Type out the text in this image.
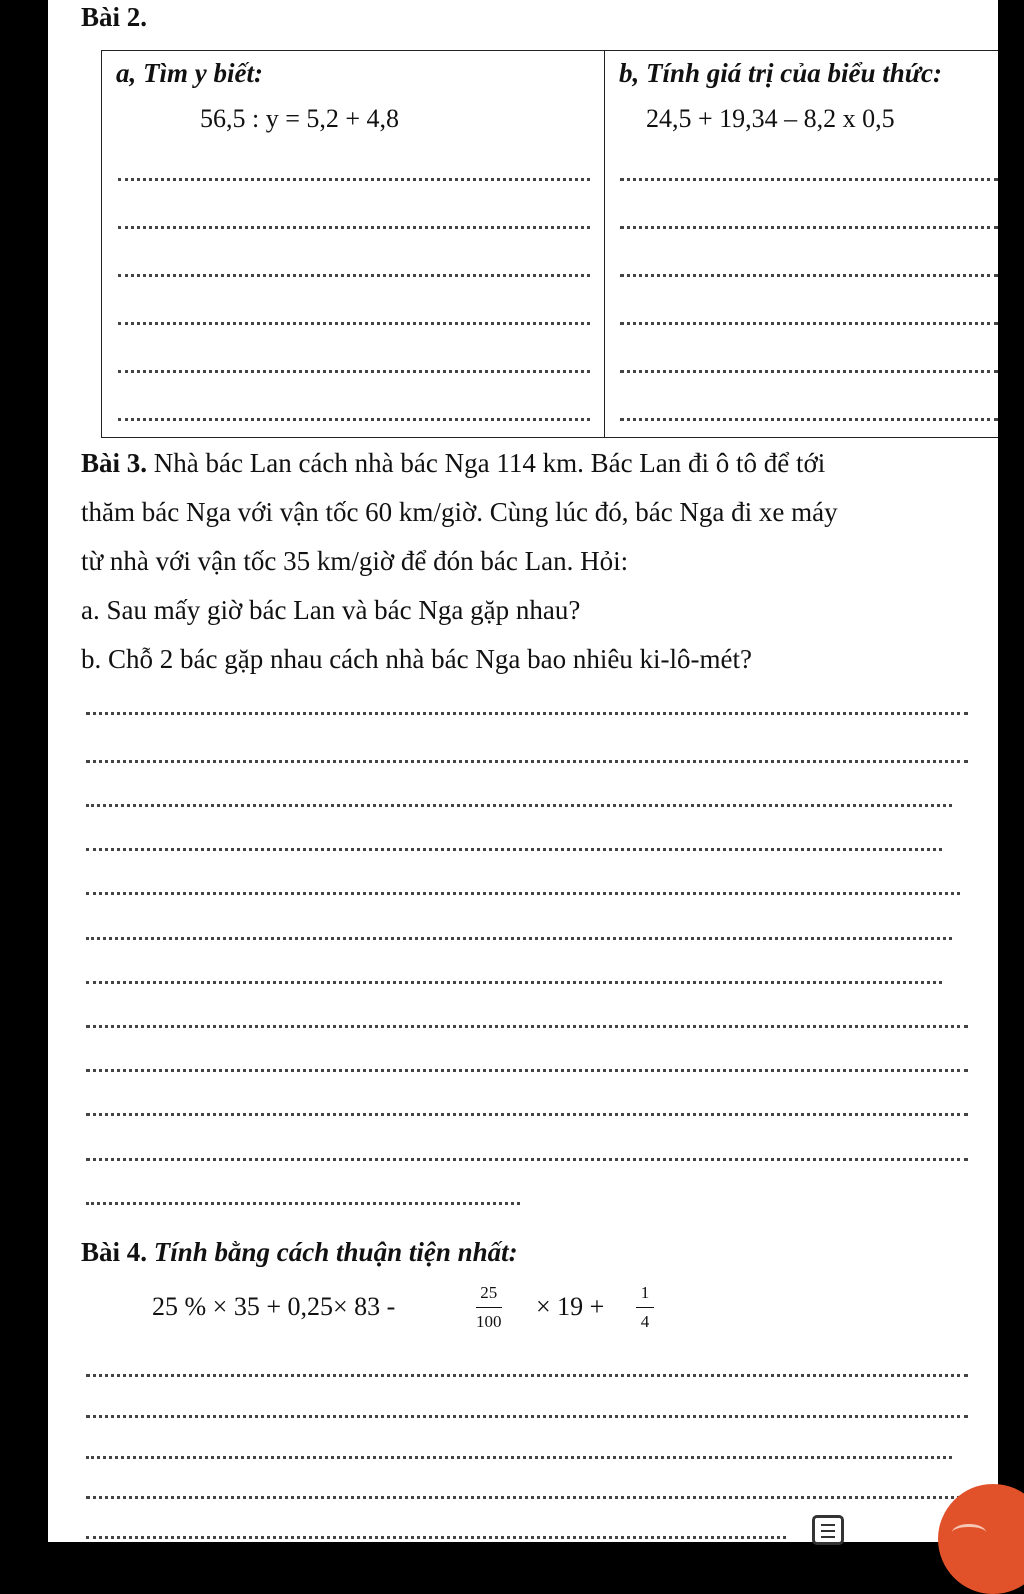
Bài 2.
a, Tìm y biết:
56,5 : y = 5,2 + 4,8
b, Tính giá trị của biểu thức:
24,5 + 19,34 – 8,2 x 0,5
Bài 3. Nhà bác Lan cách nhà bác Nga 114 km. Bác Lan đi ô tô để tới
thăm bác Nga với vận tốc 60 km/giờ. Cùng lúc đó, bác Nga đi xe máy
từ nhà với vận tốc 35 km/giờ để đón bác Lan. Hỏi:
a. Sau mấy giờ bác Lan và bác Nga gặp nhau?
b. Chỗ 2 bác gặp nhau cách nhà bác Nga bao nhiêu ki-lô-mét?
Bài 4. Tính bằng cách thuận tiện nhất:
25 % × 35 + 0,25× 83 -	25
100
× 19 + 1
4
